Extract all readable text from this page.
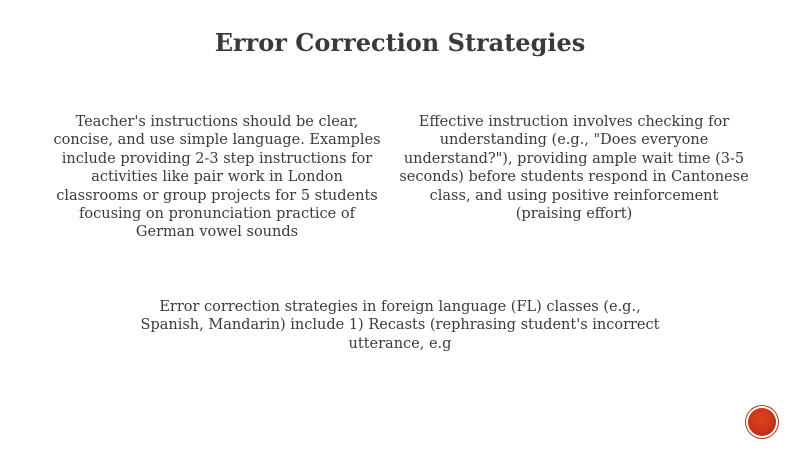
Error Correction Strategies
Teacher's instructions should be clear, concise, and use simple language. Examples include providing 2-3 step instructions for activities like pair work in London classrooms or group projects for 5 students focusing on pronunciation practice of German vowel sounds
Effective instruction involves checking for understanding (e.g., "Does everyone understand?"), providing ample wait time (3-5 seconds) before students respond in Cantonese class, and using positive reinforcement (praising effort)
Error correction strategies in foreign language (FL) classes (e.g., Spanish, Mandarin) include 1) Recasts (rephrasing student's incorrect utterance, e.g
